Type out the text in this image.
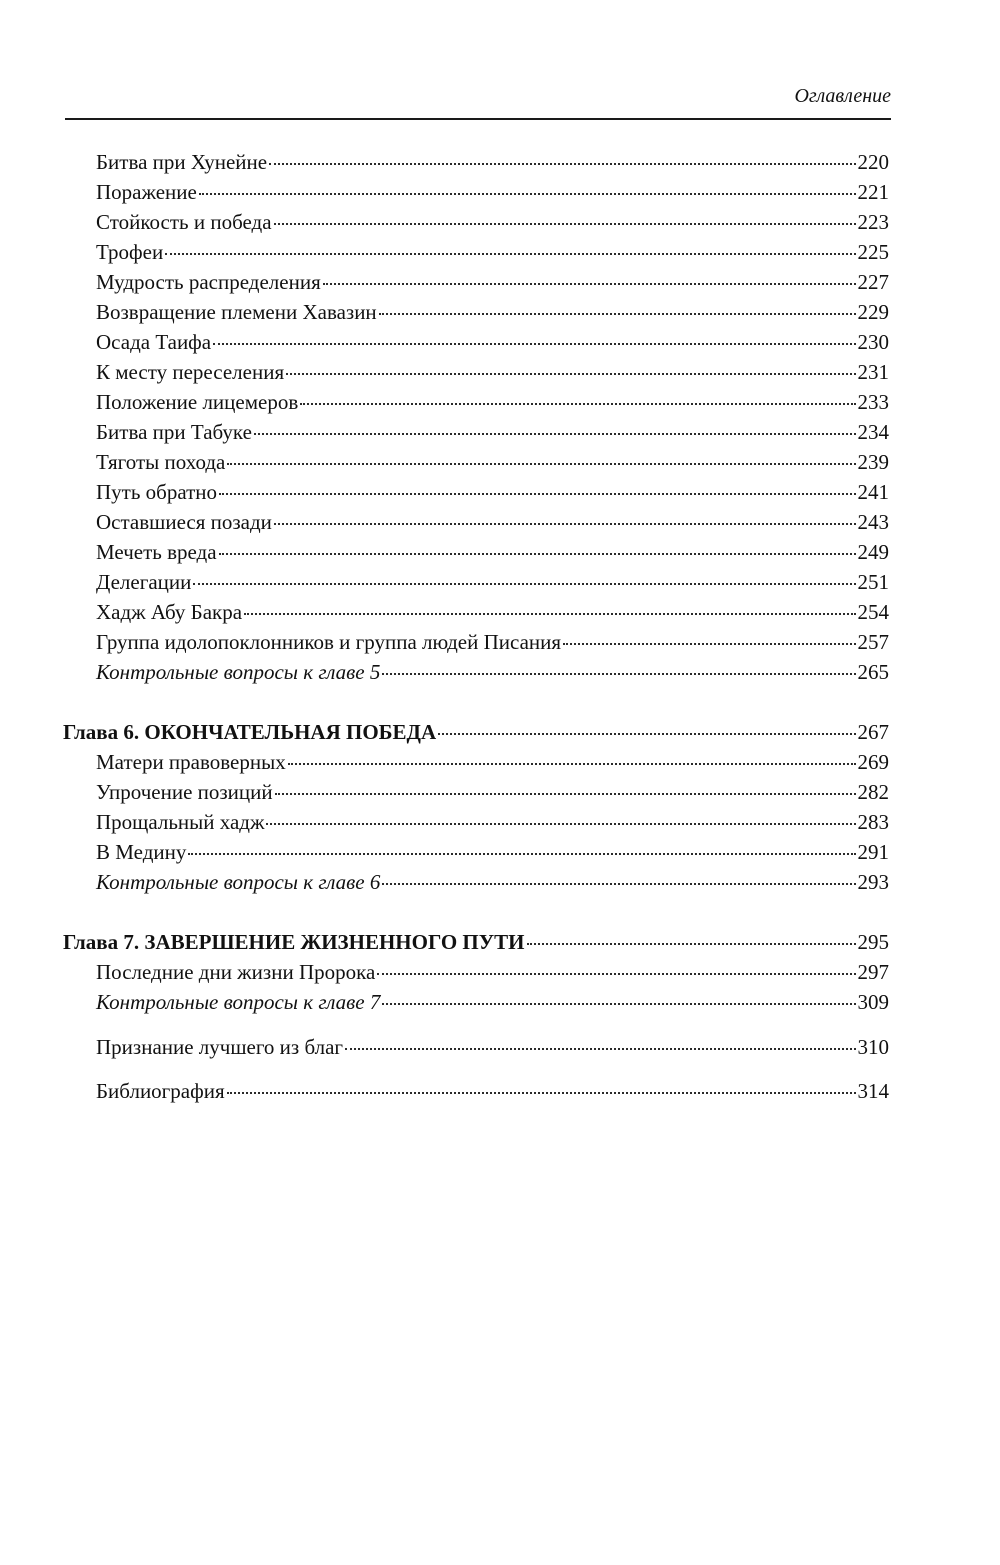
Оглавление
Битва при Хунейне	220
Поражение	221
Стойкость и победа	223
Трофеи	225
Мудрость распределения	227
Возвращение племени Хавазин	229
Осада Таифа	230
К месту переселения	231
Положение лицемеров	233
Битва при Табуке	234
Тяготы похода	239
Путь обратно	241
Оставшиеся позади	243
Мечеть вреда	249
Делегации	251
Хадж Абу Бакра	254
Группа идолопоклонников и группа людей Писания	257
Контрольные вопросы к главе 5	265
Глава 6. ОКОНЧАТЕЛЬНАЯ ПОБЕДА	267
Матери правоверных	269
Упрочение позиций	282
Прощальный хадж	283
В Медину	291
Контрольные вопросы к главе 6	293
Глава 7. ЗАВЕРШЕНИЕ ЖИЗНЕННОГО ПУТИ	295
Последние дни жизни Пророка	297
Контрольные вопросы к главе 7	309
Признание лучшего из благ	310
Библиография	314
